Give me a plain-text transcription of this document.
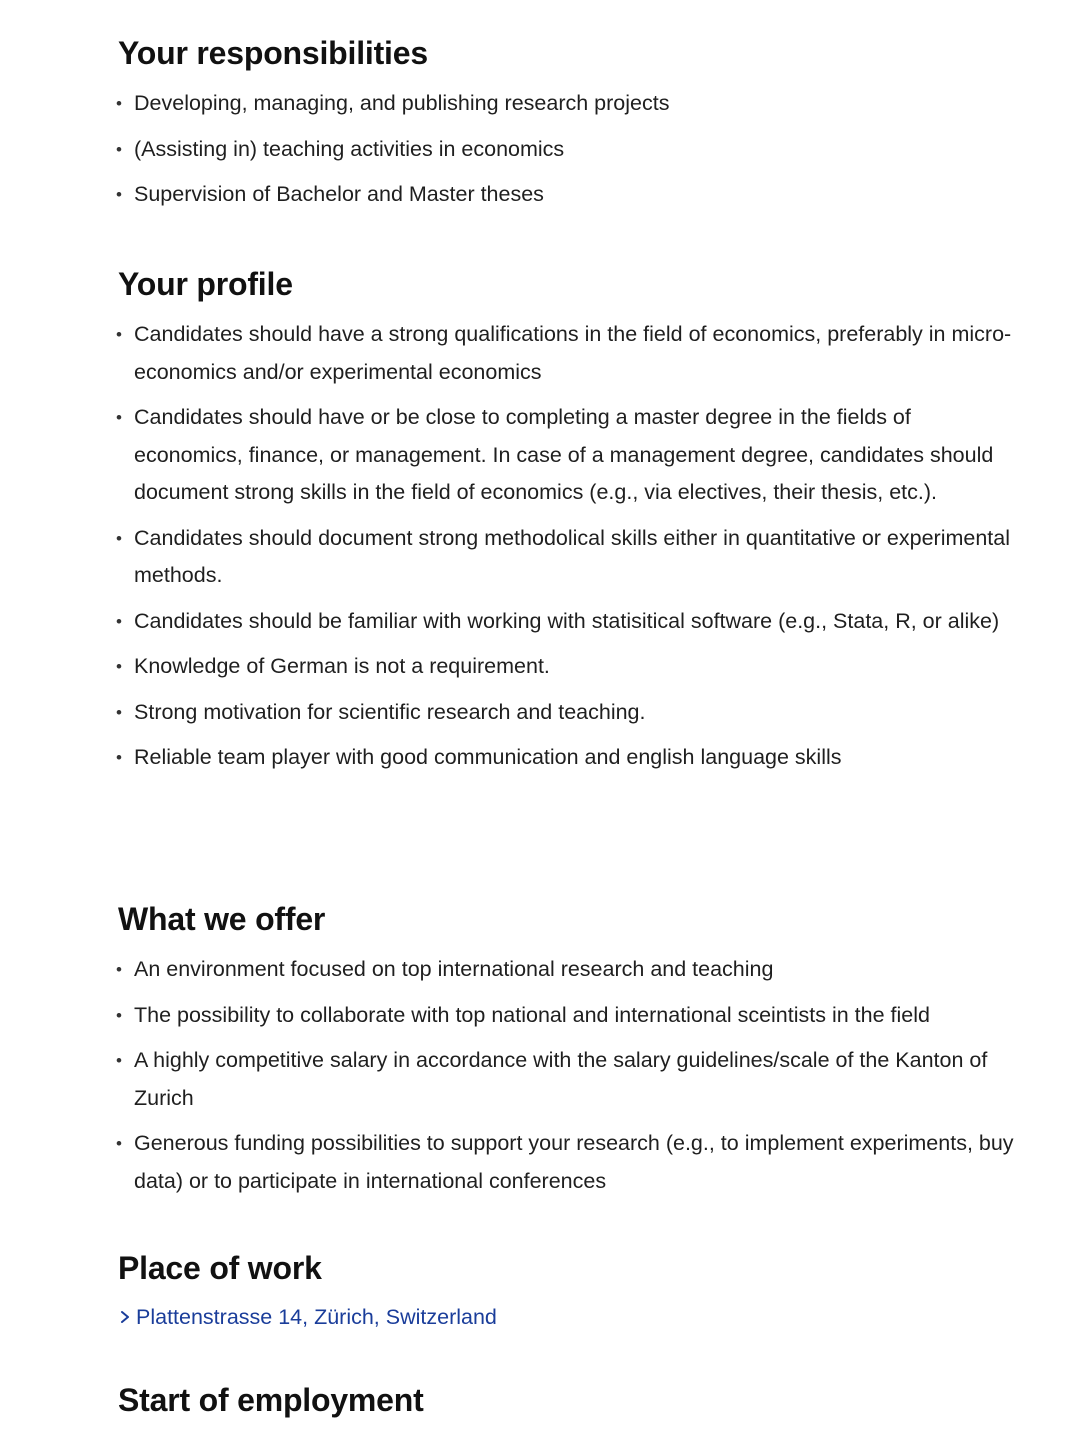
Your responsibilities
• Developing, managing, and publishing research projects
• (Assisting in) teaching activities in economics
• Supervision of Bachelor and Master theses
Your profile
• Candidates should have a strong qualifications in the field of economics, preferably in micro-economics and/or experimental economics
• Candidates should have or be close to completing a master degree in the fields of economics, finance, or management. In case of a management degree, candidates should document strong skills in the field of economics (e.g., via electives, their thesis, etc.).
• Candidates should document strong methodolical skills either in quantitative or experimental methods.
• Candidates should be familiar with working with statisitical software (e.g., Stata, R, or alike)
• Knowledge of German is not a requirement.
• Strong motivation for scientific research and teaching.
• Reliable team player with good communication and english language skills
What we offer
• An environment focused on top international research and teaching
• The possibility to collaborate with top national and international sceintists in the field
• A highly competitive salary in accordance with the salary guidelines/scale of the Kanton of Zurich
• Generous funding possibilities to support your research (e.g., to implement experiments, buy data) or to participate in international conferences
Place of work
Plattenstrasse 14, Zürich, Switzerland
Start of employment
